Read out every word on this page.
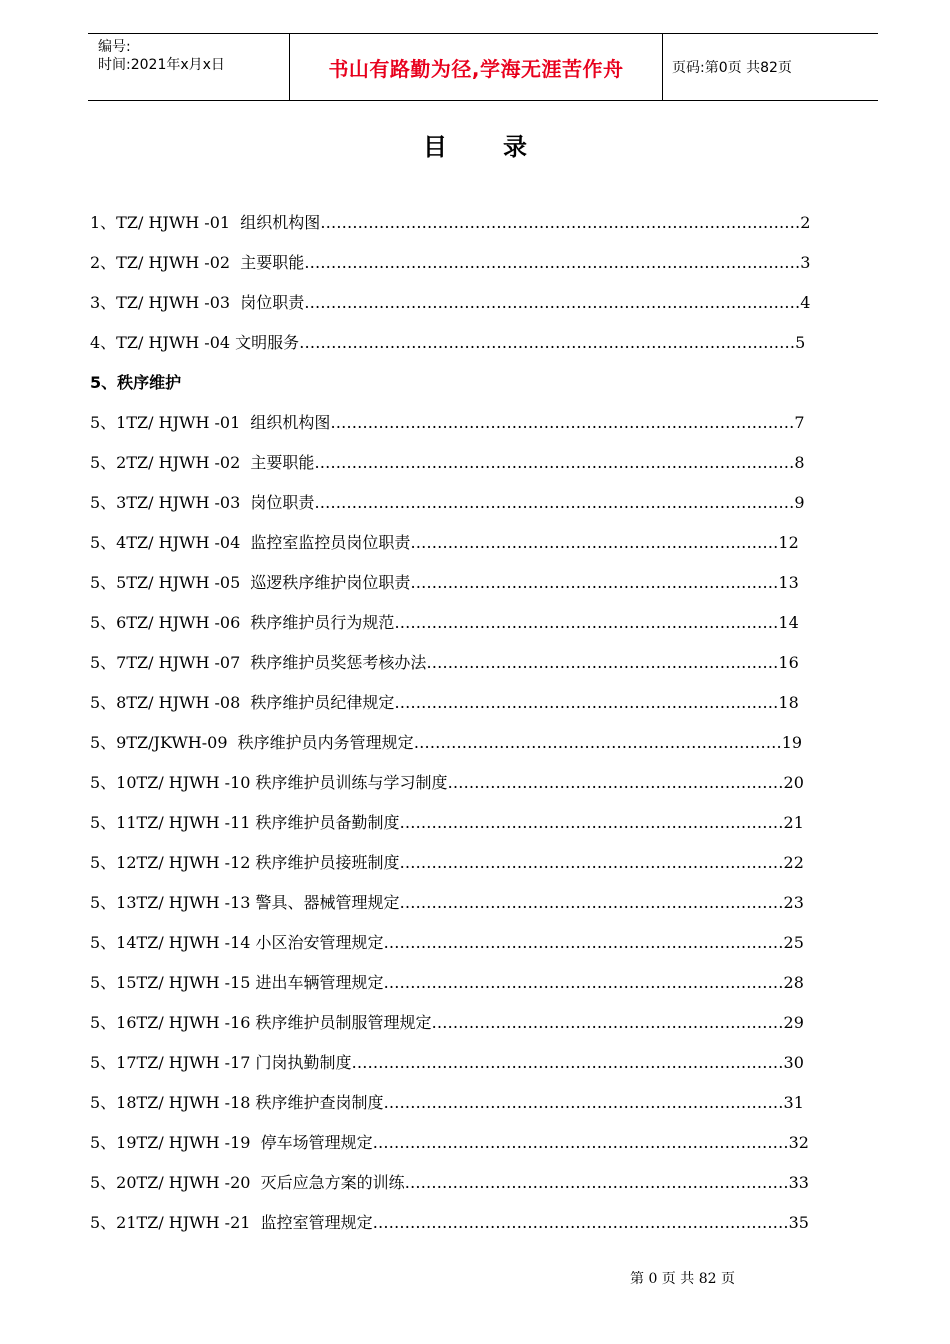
编号:
时间:2021年x月x日	书山有路勤为径,学海无涯苦作舟	页码:第0页 共82页
目录
1、TZ/ HJWH -01  组织机构图 ……………………………………………………………………………… 2
2、TZ/ HJWH -02  主要职能 ………………………………………………………………………………… 3
3、TZ/ HJWH -03  岗位职责 ………………………………………………………………………………… 4
4、TZ/ HJWH -04 文明服务 ………………………………………………………………………………… 5
5、秩序维护
5、1TZ/ HJWH -01  组织机构图 …………………………………………………………………………… 7
5、2TZ/ HJWH -02  主要职能 ……………………………………………………………………………… 8
5、3TZ/ HJWH -03  岗位职责 ……………………………………………………………………………… 9
5、4TZ/ HJWH -04  监控室监控员岗位职责 …………………………………………………………… 12
5、5TZ/ HJWH -05  巡逻秩序维护岗位职责 …………………………………………………………… 13
5、6TZ/ HJWH -06  秩序维护员行为规范 ……………………………………………………………… 14
5、7TZ/ HJWH -07  秩序维护员奖惩考核办法 ………………………………………………………… 16
5、8TZ/ HJWH -08  秩序维护员纪律规定 ……………………………………………………………… 18
5、9TZ/JKWH-09  秩序维护员内务管理规定 …………………………………………………………… 19
5、10TZ/ HJWH -10 秩序维护员训练与学习制度 ……………………………………………………… 20
5、11TZ/ HJWH -11 秩序维护员备勤制度 ……………………………………………………………… 21
5、12TZ/ HJWH -12 秩序维护员接班制度 ……………………………………………………………… 22
5、13TZ/ HJWH -13 警具、器械管理规定 ……………………………………………………………… 23
5、14TZ/ HJWH -14 小区治安管理规定 ………………………………………………………………… 25
5、15TZ/ HJWH -15 进出车辆管理规定 ………………………………………………………………… 28
5、16TZ/ HJWH -16 秩序维护员制服管理规定 ………………………………………………………… 29
5、17TZ/ HJWH -17 门岗执勤制度 ……………………………………………………………………… 30
5、18TZ/ HJWH -18 秩序维护查岗制度 ………………………………………………………………… 31
5、19TZ/ HJWH -19  停车场管理规定 …………………………………………………………………… 32
5、20TZ/ HJWH -20  灭后应急方案的训练 ……………………………………………………………… 33
5、21TZ/ HJWH -21  监控室管理规定 …………………………………………………………………… 35
第 0 页 共 82 页
